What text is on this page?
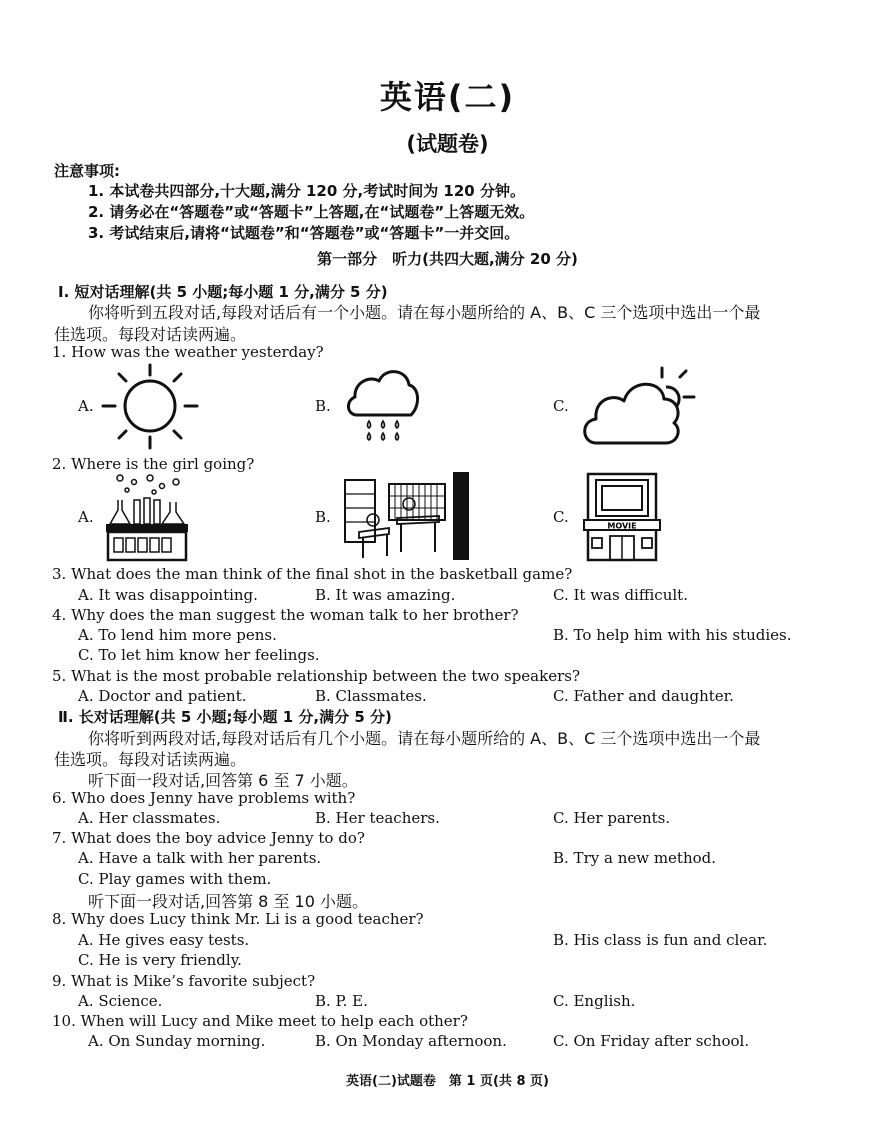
英语(二)
(试题卷)
注意事项:
1. 本试卷共四部分,十大题,满分 120 分,考试时间为 120 分钟。
2. 请务必在“答题卷”或“答题卡”上答题,在“试题卷”上答题无效。
3. 考试结束后,请将“试题卷”和“答题卷”或“答题卡”一并交回。
第一部分　听力(共四大题,满分 20 分)
Ⅰ. 短对话理解(共 5 小题;每小题 1 分,满分 5 分)
你将听到五段对话,每段对话后有一个小题。请在每小题所给的 A、B、C 三个选项中选出一个最
佳选项。每段对话读两遍。
1. How was the weather yesterday?
A.	B.	C.
2. Where is the girl going?
A.	B.	C.	MOVIE
3. What does the man think of the final shot in the basketball game?
A. It was disappointing.	B. It was amazing.	C. It was difficult.
4. Why does the man suggest the woman talk to her brother?
A. To lend him more pens.	B. To help him with his studies.
C. To let him know her feelings.
5. What is the most probable relationship between the two speakers?
A. Doctor and patient.	B. Classmates.	C. Father and daughter.
Ⅱ. 长对话理解(共 5 小题;每小题 1 分,满分 5 分)
你将听到两段对话,每段对话后有几个小题。请在每小题所给的 A、B、C 三个选项中选出一个最
佳选项。每段对话读两遍。
听下面一段对话,回答第 6 至 7 小题。
6. Who does Jenny have problems with?
A. Her classmates.	B. Her teachers.	C. Her parents.
7. What does the boy advice Jenny to do?
A. Have a talk with her parents.	B. Try a new method.
C. Play games with them.
听下面一段对话,回答第 8 至 10 小题。
8. Why does Lucy think Mr. Li is a good teacher?
A. He gives easy tests.	B. His class is fun and clear.
C. He is very friendly.
9. What is Mike’s favorite subject?
A. Science.	B. P. E.	C. English.
10. When will Lucy and Mike meet to help each other?
A. On Sunday morning.	B. On Monday afternoon.	C. On Friday after school.
英语(二)试题卷　第 1 页(共 8 页)
